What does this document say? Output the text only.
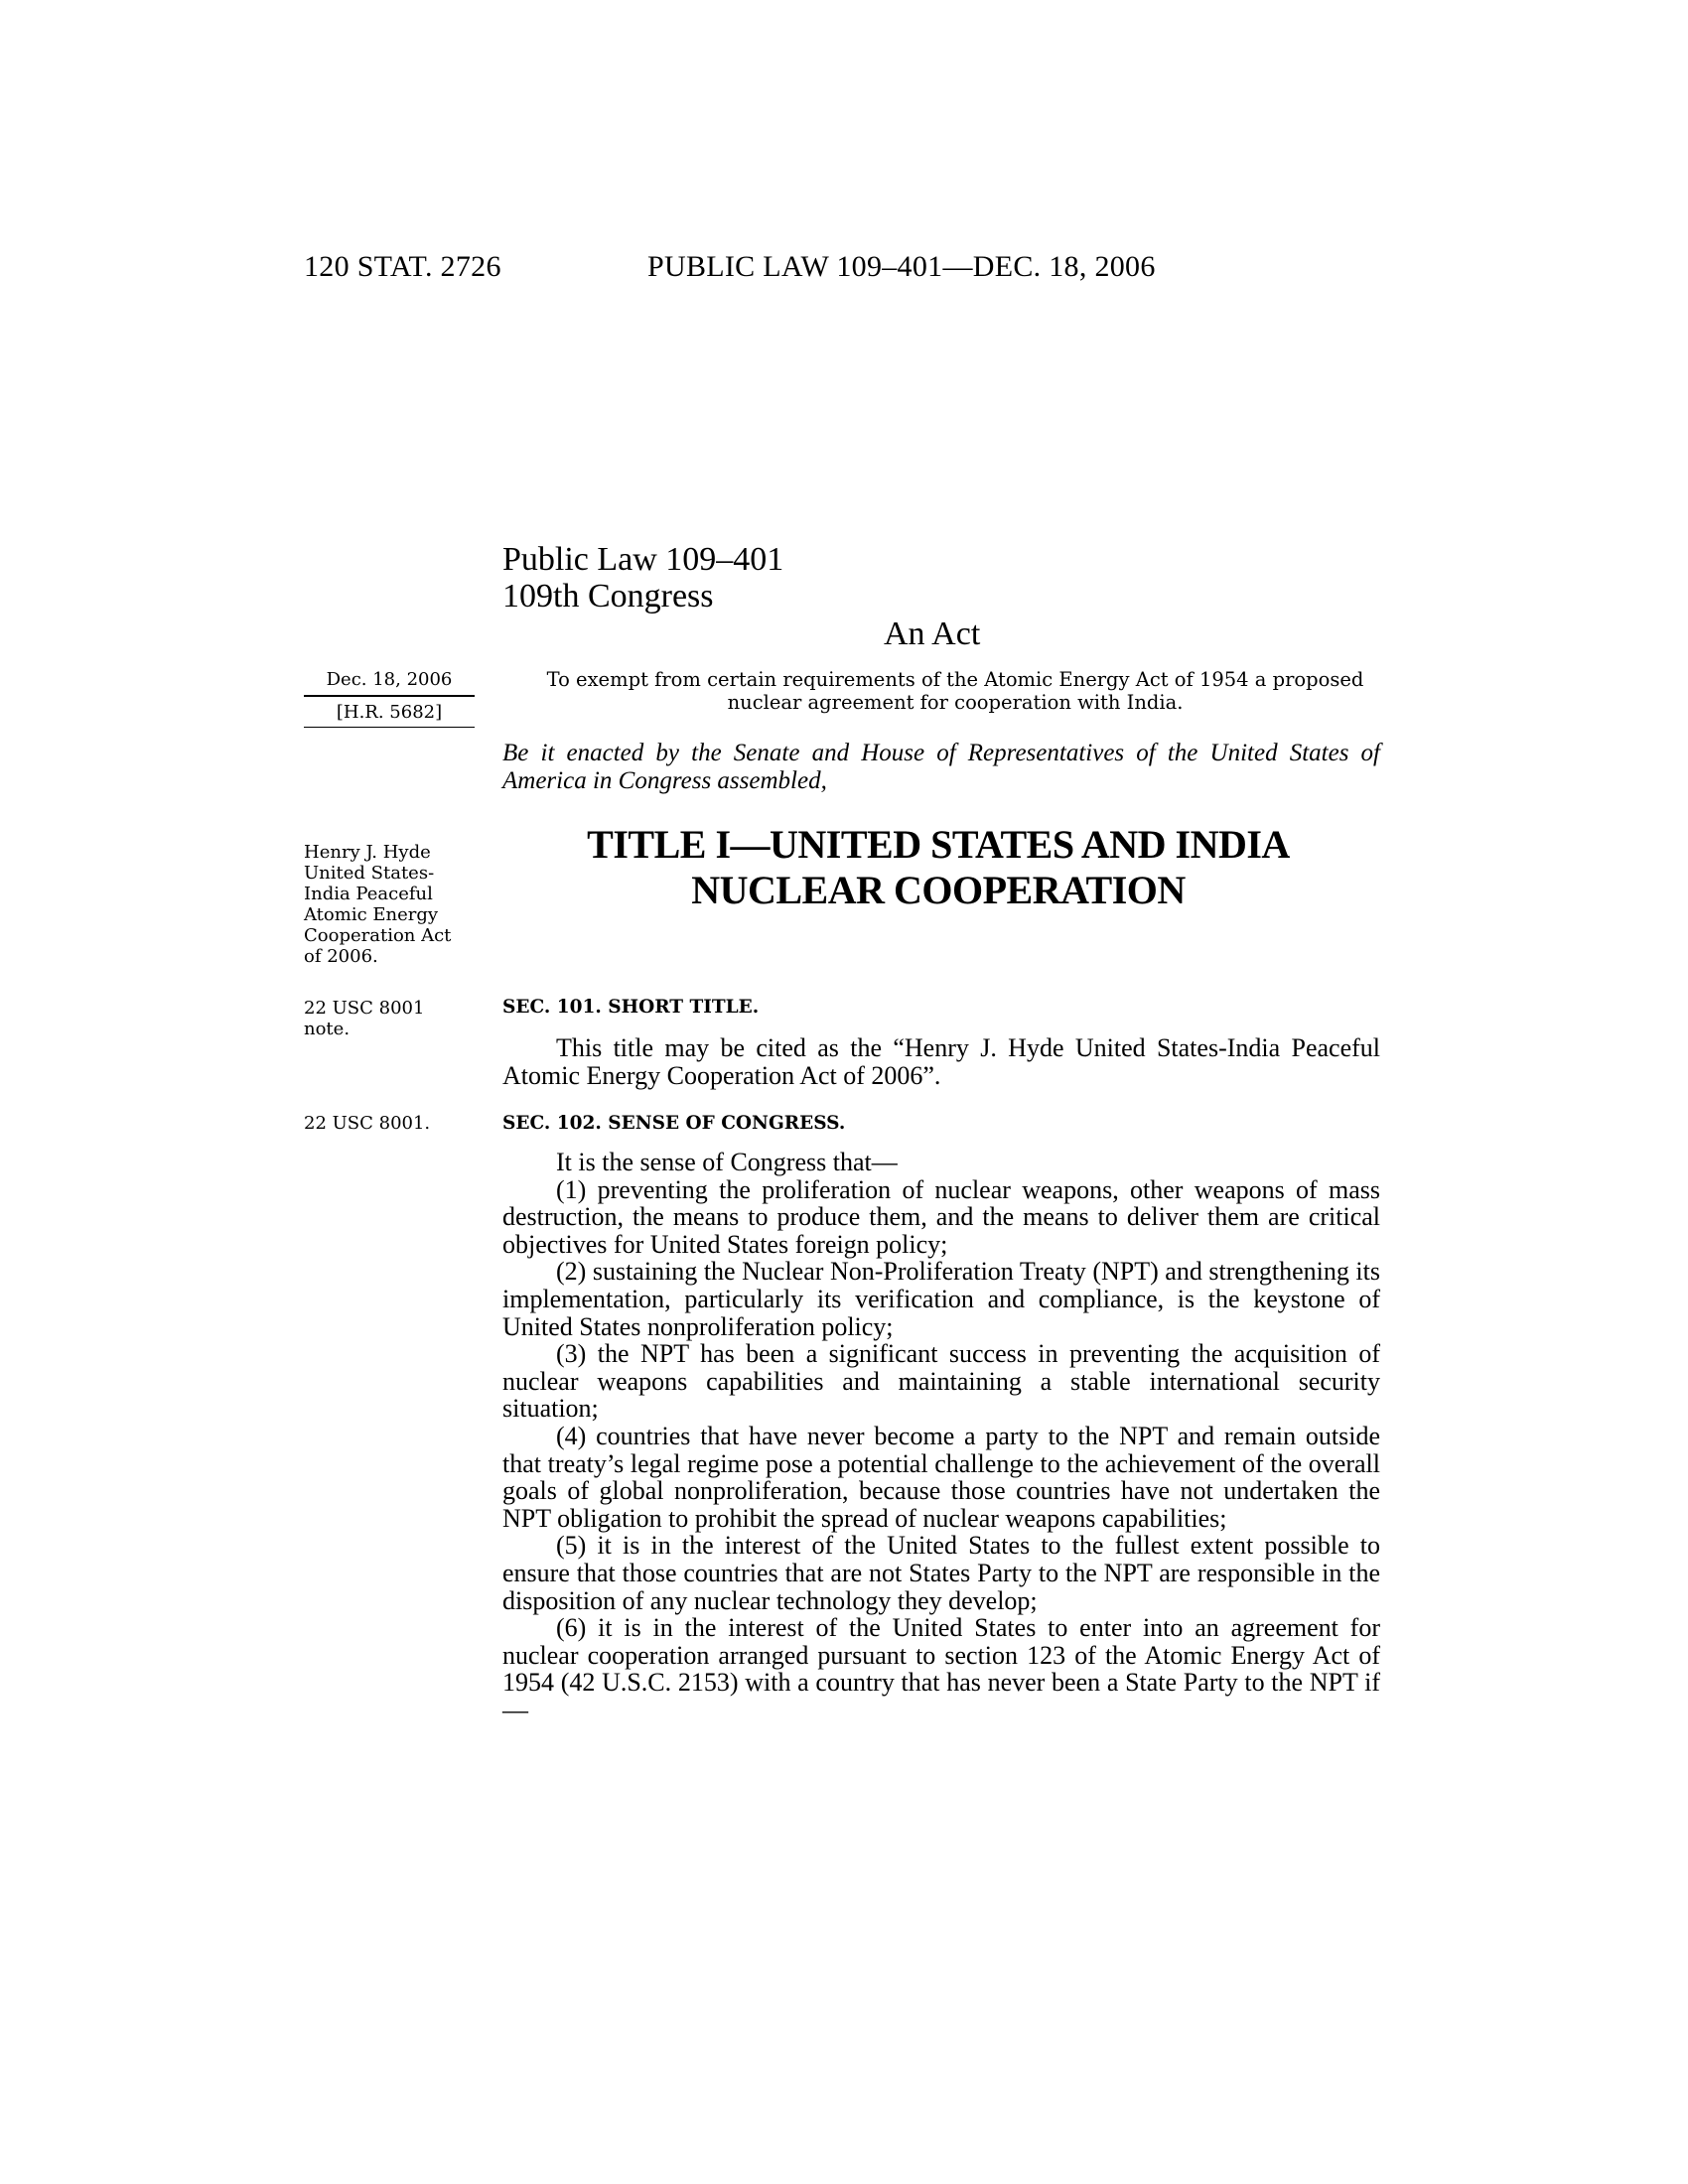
120 STAT. 2726	PUBLIC LAW 109–401—DEC. 18, 2006
Public Law 109–401
109th Congress
An Act
Dec. 18, 2006
[H.R. 5682]
To exempt from certain requirements of the Atomic Energy Act of 1954 a proposed nuclear agreement for cooperation with India.
Be it enacted by the Senate and House of Representatives of the United States of America in Congress assembled,
Henry J. Hyde United States-India Peaceful Atomic Energy Cooperation Act of 2006.
TITLE I—UNITED STATES AND INDIA NUCLEAR COOPERATION
22 USC 8001 note.
SEC. 101. SHORT TITLE.

This title may be cited as the “Henry J. Hyde United States-India Peaceful Atomic Energy Cooperation Act of 2006”.

22 USC 8001.	SEC. 102. SENSE OF CONGRESS.

It is the sense of Congress that—

(1) preventing the proliferation of nuclear weapons, other weapons of mass destruction, the means to produce them, and the means to deliver them are critical objectives for United States foreign policy;

(2) sustaining the Nuclear Non-Proliferation Treaty (NPT) and strengthening its implementation, particularly its verification and compliance, is the keystone of United States nonproliferation policy;

(3) the NPT has been a significant success in preventing the acquisition of nuclear weapons capabilities and maintaining a stable international security situation;

(4) countries that have never become a party to the NPT and remain outside that treaty’s legal regime pose a potential challenge to the achievement of the overall goals of global nonproliferation, because those countries have not undertaken the NPT obligation to prohibit the spread of nuclear weapons capabilities;

(5) it is in the interest of the United States to the fullest extent possible to ensure that those countries that are not States Party to the NPT are responsible in the disposition of any nuclear technology they develop;

(6) it is in the interest of the United States to enter into an agreement for nuclear cooperation arranged pursuant to section 123 of the Atomic Energy Act of 1954 (42 U.S.C. 2153) with a country that has never been a State Party to the NPT if—
